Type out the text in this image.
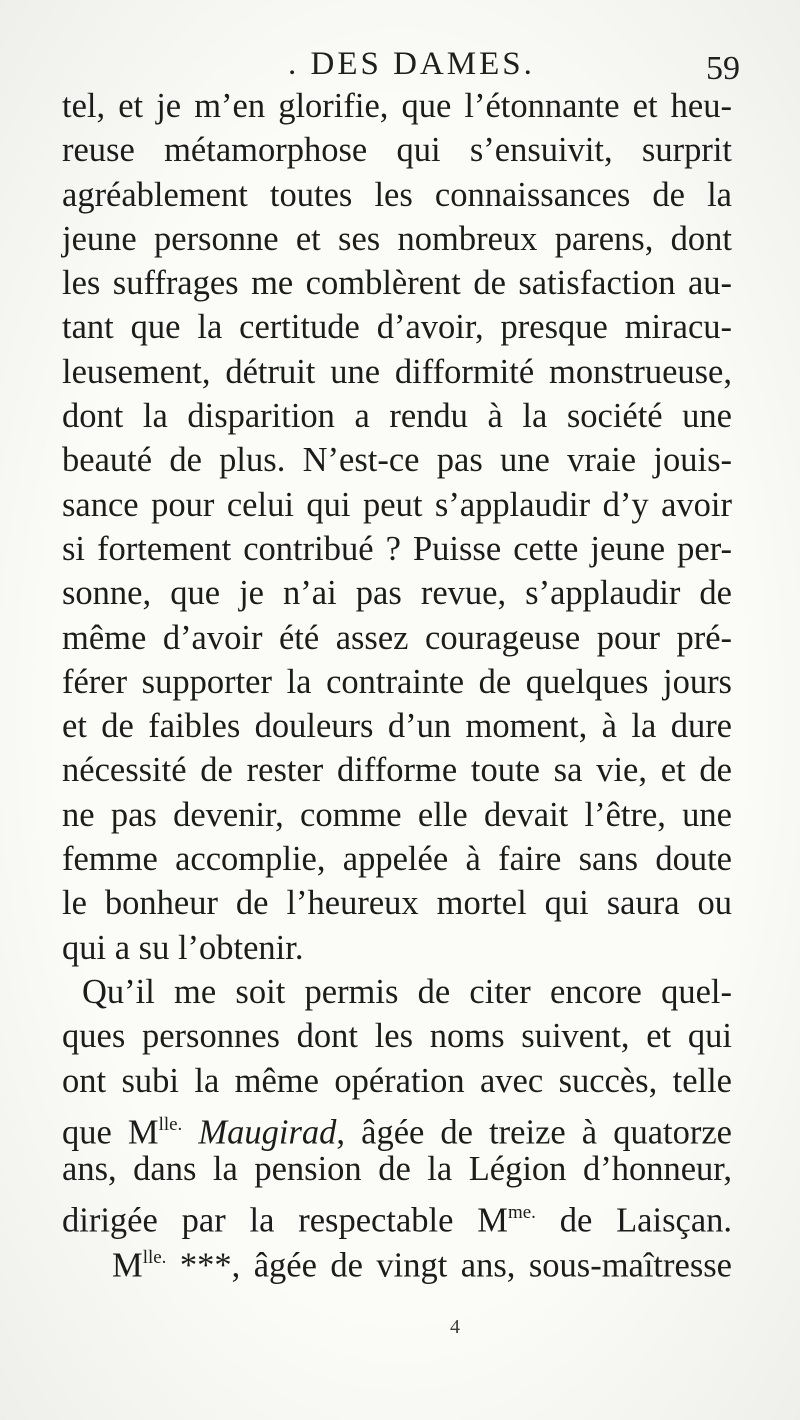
. DES DAMES.	59
tel, et je m’en glorifie, que l’étonnante et heu-
reuse métamorphose qui s’ensuivit, surprit
agréablement toutes les connaissances de la
jeune personne et ses nombreux parens, dont
les suffrages me comblèrent de satisfaction au-
tant que la certitude d’avoir, presque miracu-
leusement, détruit une difformité monstrueuse,
dont la disparition a rendu à la société une
beauté de plus. N’est-ce pas une vraie jouis-
sance pour celui qui peut s’applaudir d’y avoir
si fortement contribué ? Puisse cette jeune per-
sonne, que je n’ai pas revue, s’applaudir de
même d’avoir été assez courageuse pour pré-
férer supporter la contrainte de quelques jours
et de faibles douleurs d’un moment, à la dure
nécessité de rester difforme toute sa vie, et de
ne pas devenir, comme elle devait l’être, une
femme accomplie, appelée à faire sans doute
le bonheur de l’heureux mortel qui saura ou
qui a su l’obtenir.
Qu’il me soit permis de citer encore quel-
ques personnes dont les noms suivent, et qui
ont subi la même opération avec succès, telle
que $M^{lle.}$ Maugirad, âgée de treize à quatorze
ans, dans la pension de la Légion d’honneur,
dirigée par la respectable $M^{me.}$ de Laisçan.
$M^{lle.}$ ***, âgée de vingt ans, sous-maîtresse
4
